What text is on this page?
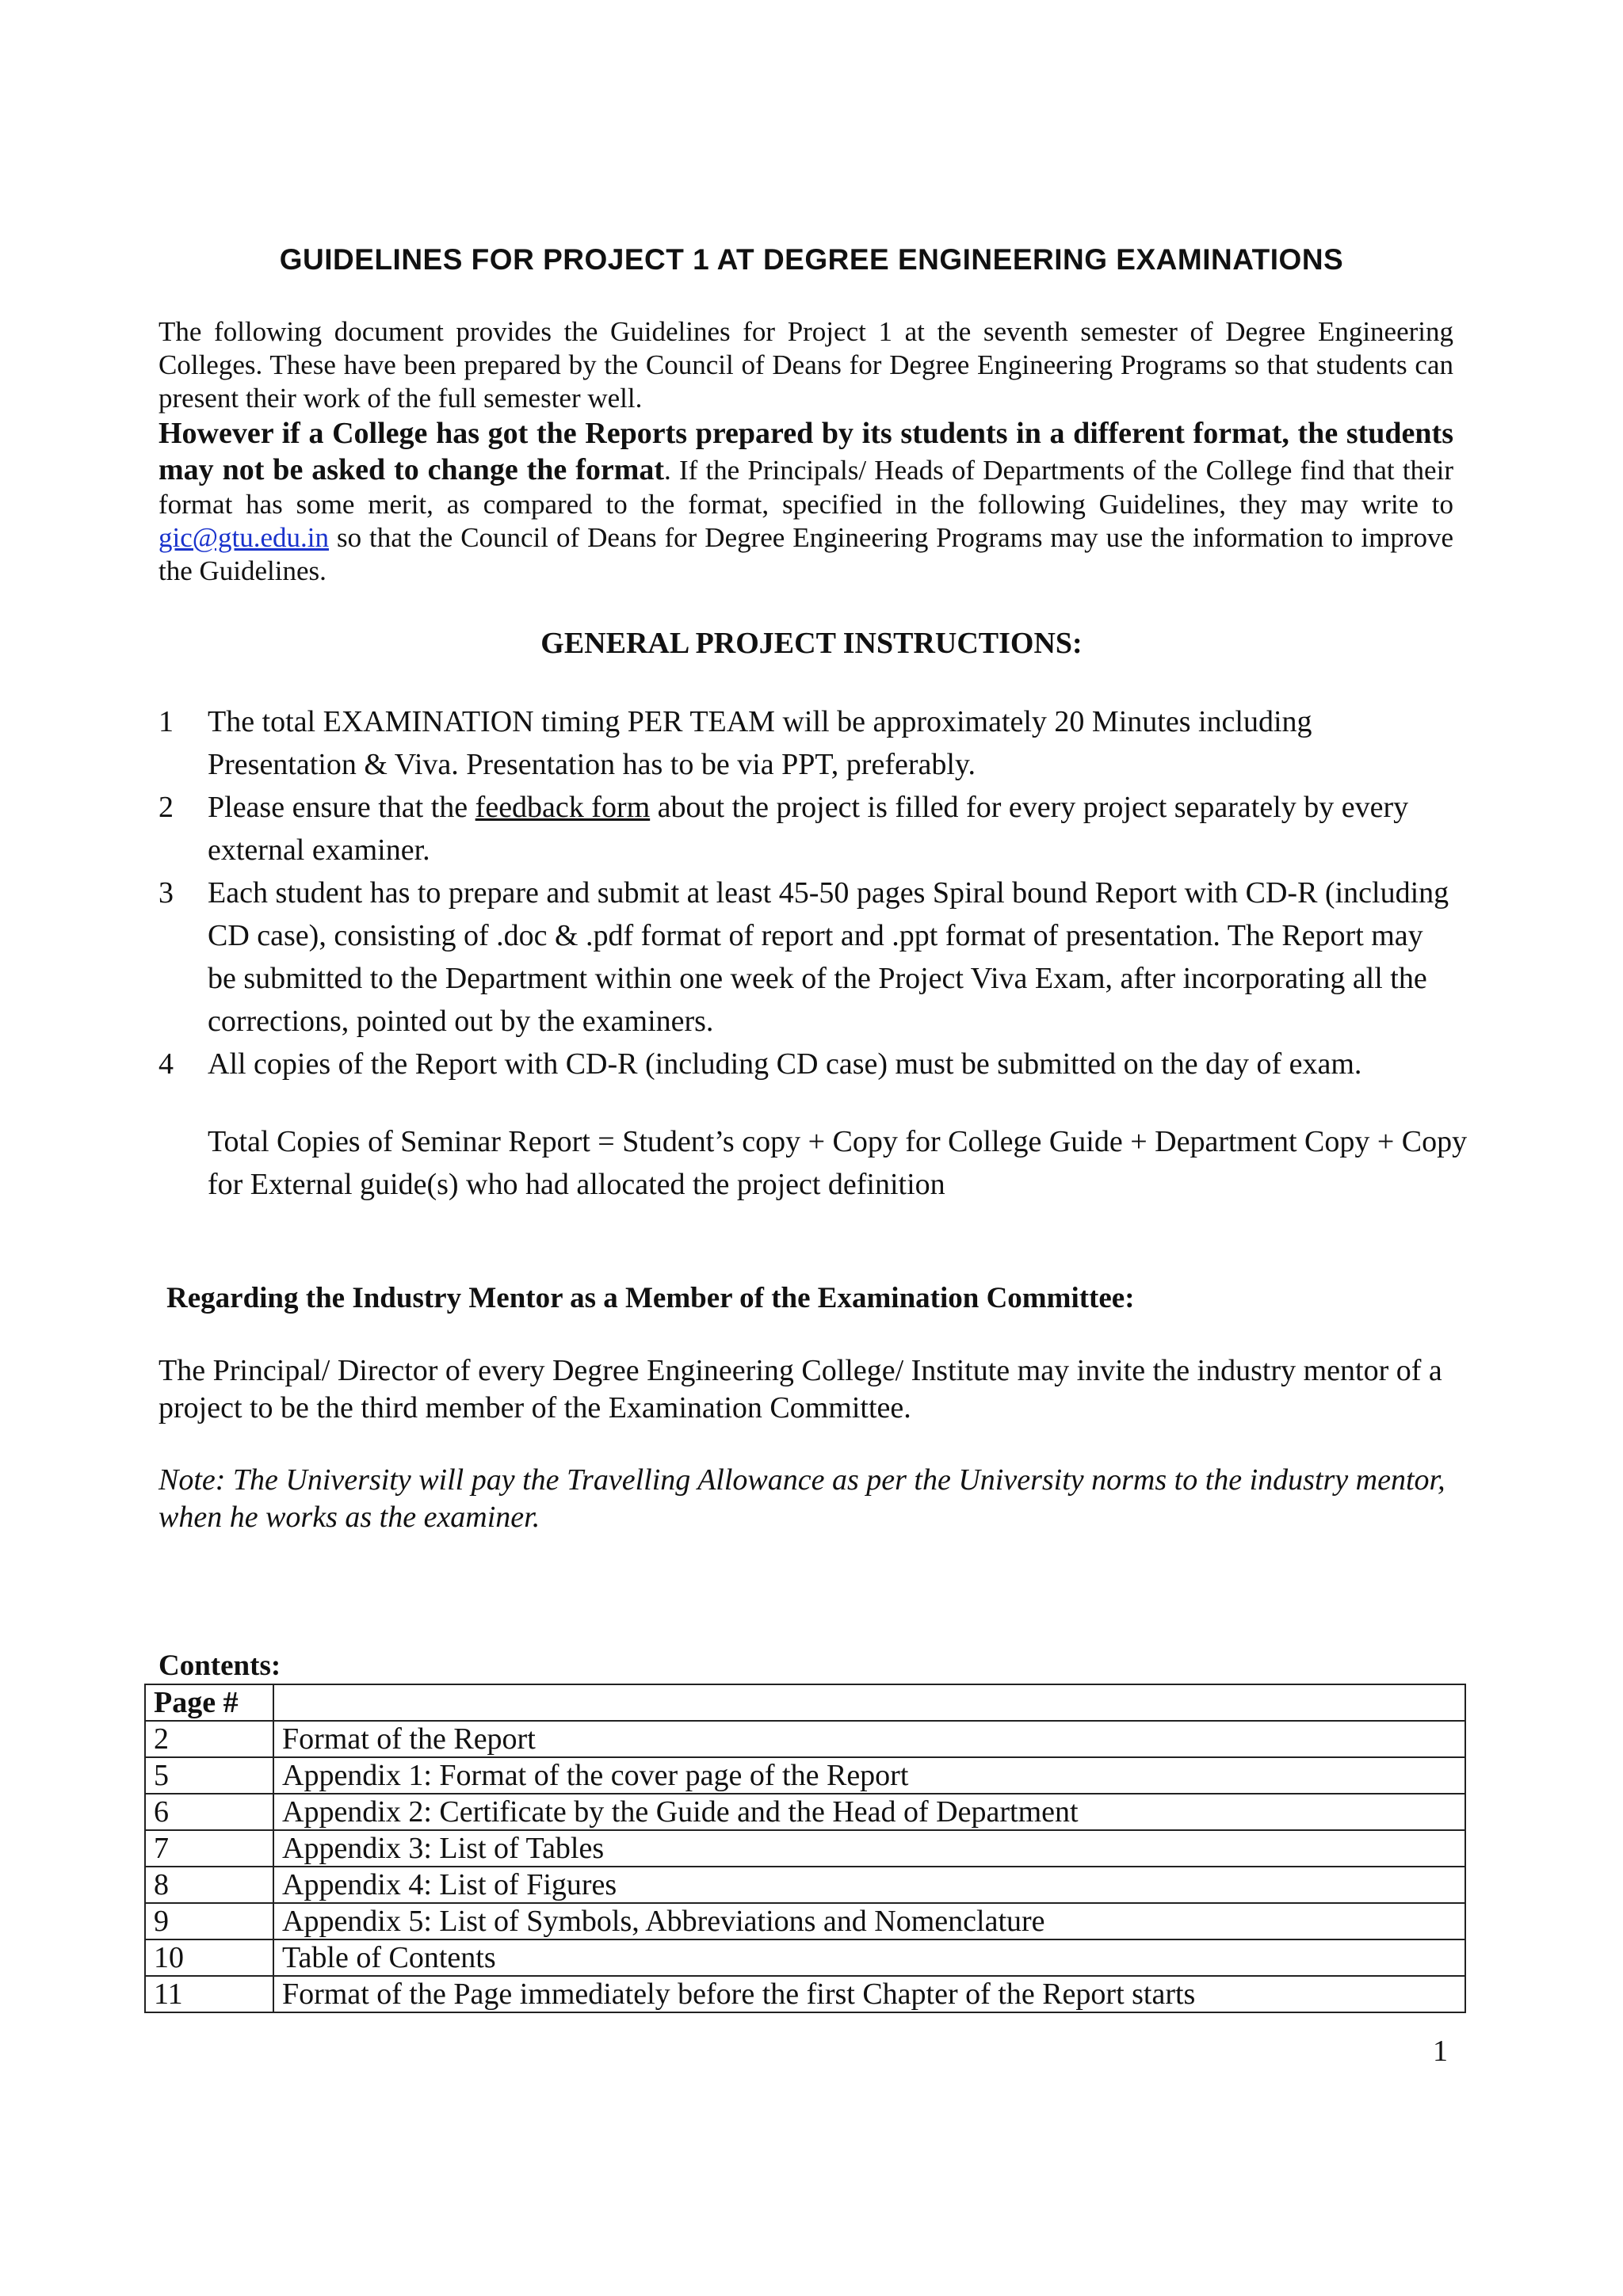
GUIDELINES FOR PROJECT 1 AT DEGREE ENGINEERING EXAMINATIONS
The following document provides the Guidelines for Project 1 at the seventh semester of Degree Engineering Colleges. These have been prepared by the Council of Deans for Degree Engineering Programs so that students can present their work of the full semester well.
However if a College has got the Reports prepared by its students in a different format, the students may not be asked to change the format. If the Principals/ Heads of Departments of the College find that their format has some merit, as compared to the format, specified in the following Guidelines, they may write to gic@gtu.edu.in so that the Council of Deans for Degree Engineering Programs may use the information to improve the Guidelines.
GENERAL PROJECT INSTRUCTIONS:
1 The total EXAMINATION timing PER TEAM will be approximately 20 Minutes including Presentation & Viva. Presentation has to be via PPT, preferably.
2 Please ensure that the feedback form about the project is filled for every project separately by every external examiner.
3 Each student has to prepare and submit at least 45-50 pages Spiral bound Report with CD-R (including CD case), consisting of .doc & .pdf format of report and .ppt format of presentation. The Report may be submitted to the Department within one week of the Project Viva Exam, after incorporating all the corrections, pointed out by the examiners.
4 All copies of the Report with CD-R (including CD case) must be submitted on the day of exam.

Total Copies of Seminar Report = Student’s copy + Copy for College Guide + Department Copy + Copy for External guide(s) who had allocated the project definition

Regarding the Industry Mentor as a Member of the Examination Committee:

The Principal/ Director of every Degree Engineering College/ Institute may invite the industry mentor of a project to be the third member of the Examination Committee.

Note: The University will pay the Travelling Allowance as per the University norms to the industry mentor, when he works as the examiner.

Contents:

Page #	
2	Format of the Report
5	Appendix 1: Format of the cover page of the Report
6	Appendix 2: Certificate by the Guide and the Head of Department
7	Appendix 3: List of Tables
8	Appendix 4: List of Figures
9	Appendix 5: List of Symbols, Abbreviations and Nomenclature
10	Table of Contents
11	Format of the Page immediately before the first Chapter of the Report starts
1
